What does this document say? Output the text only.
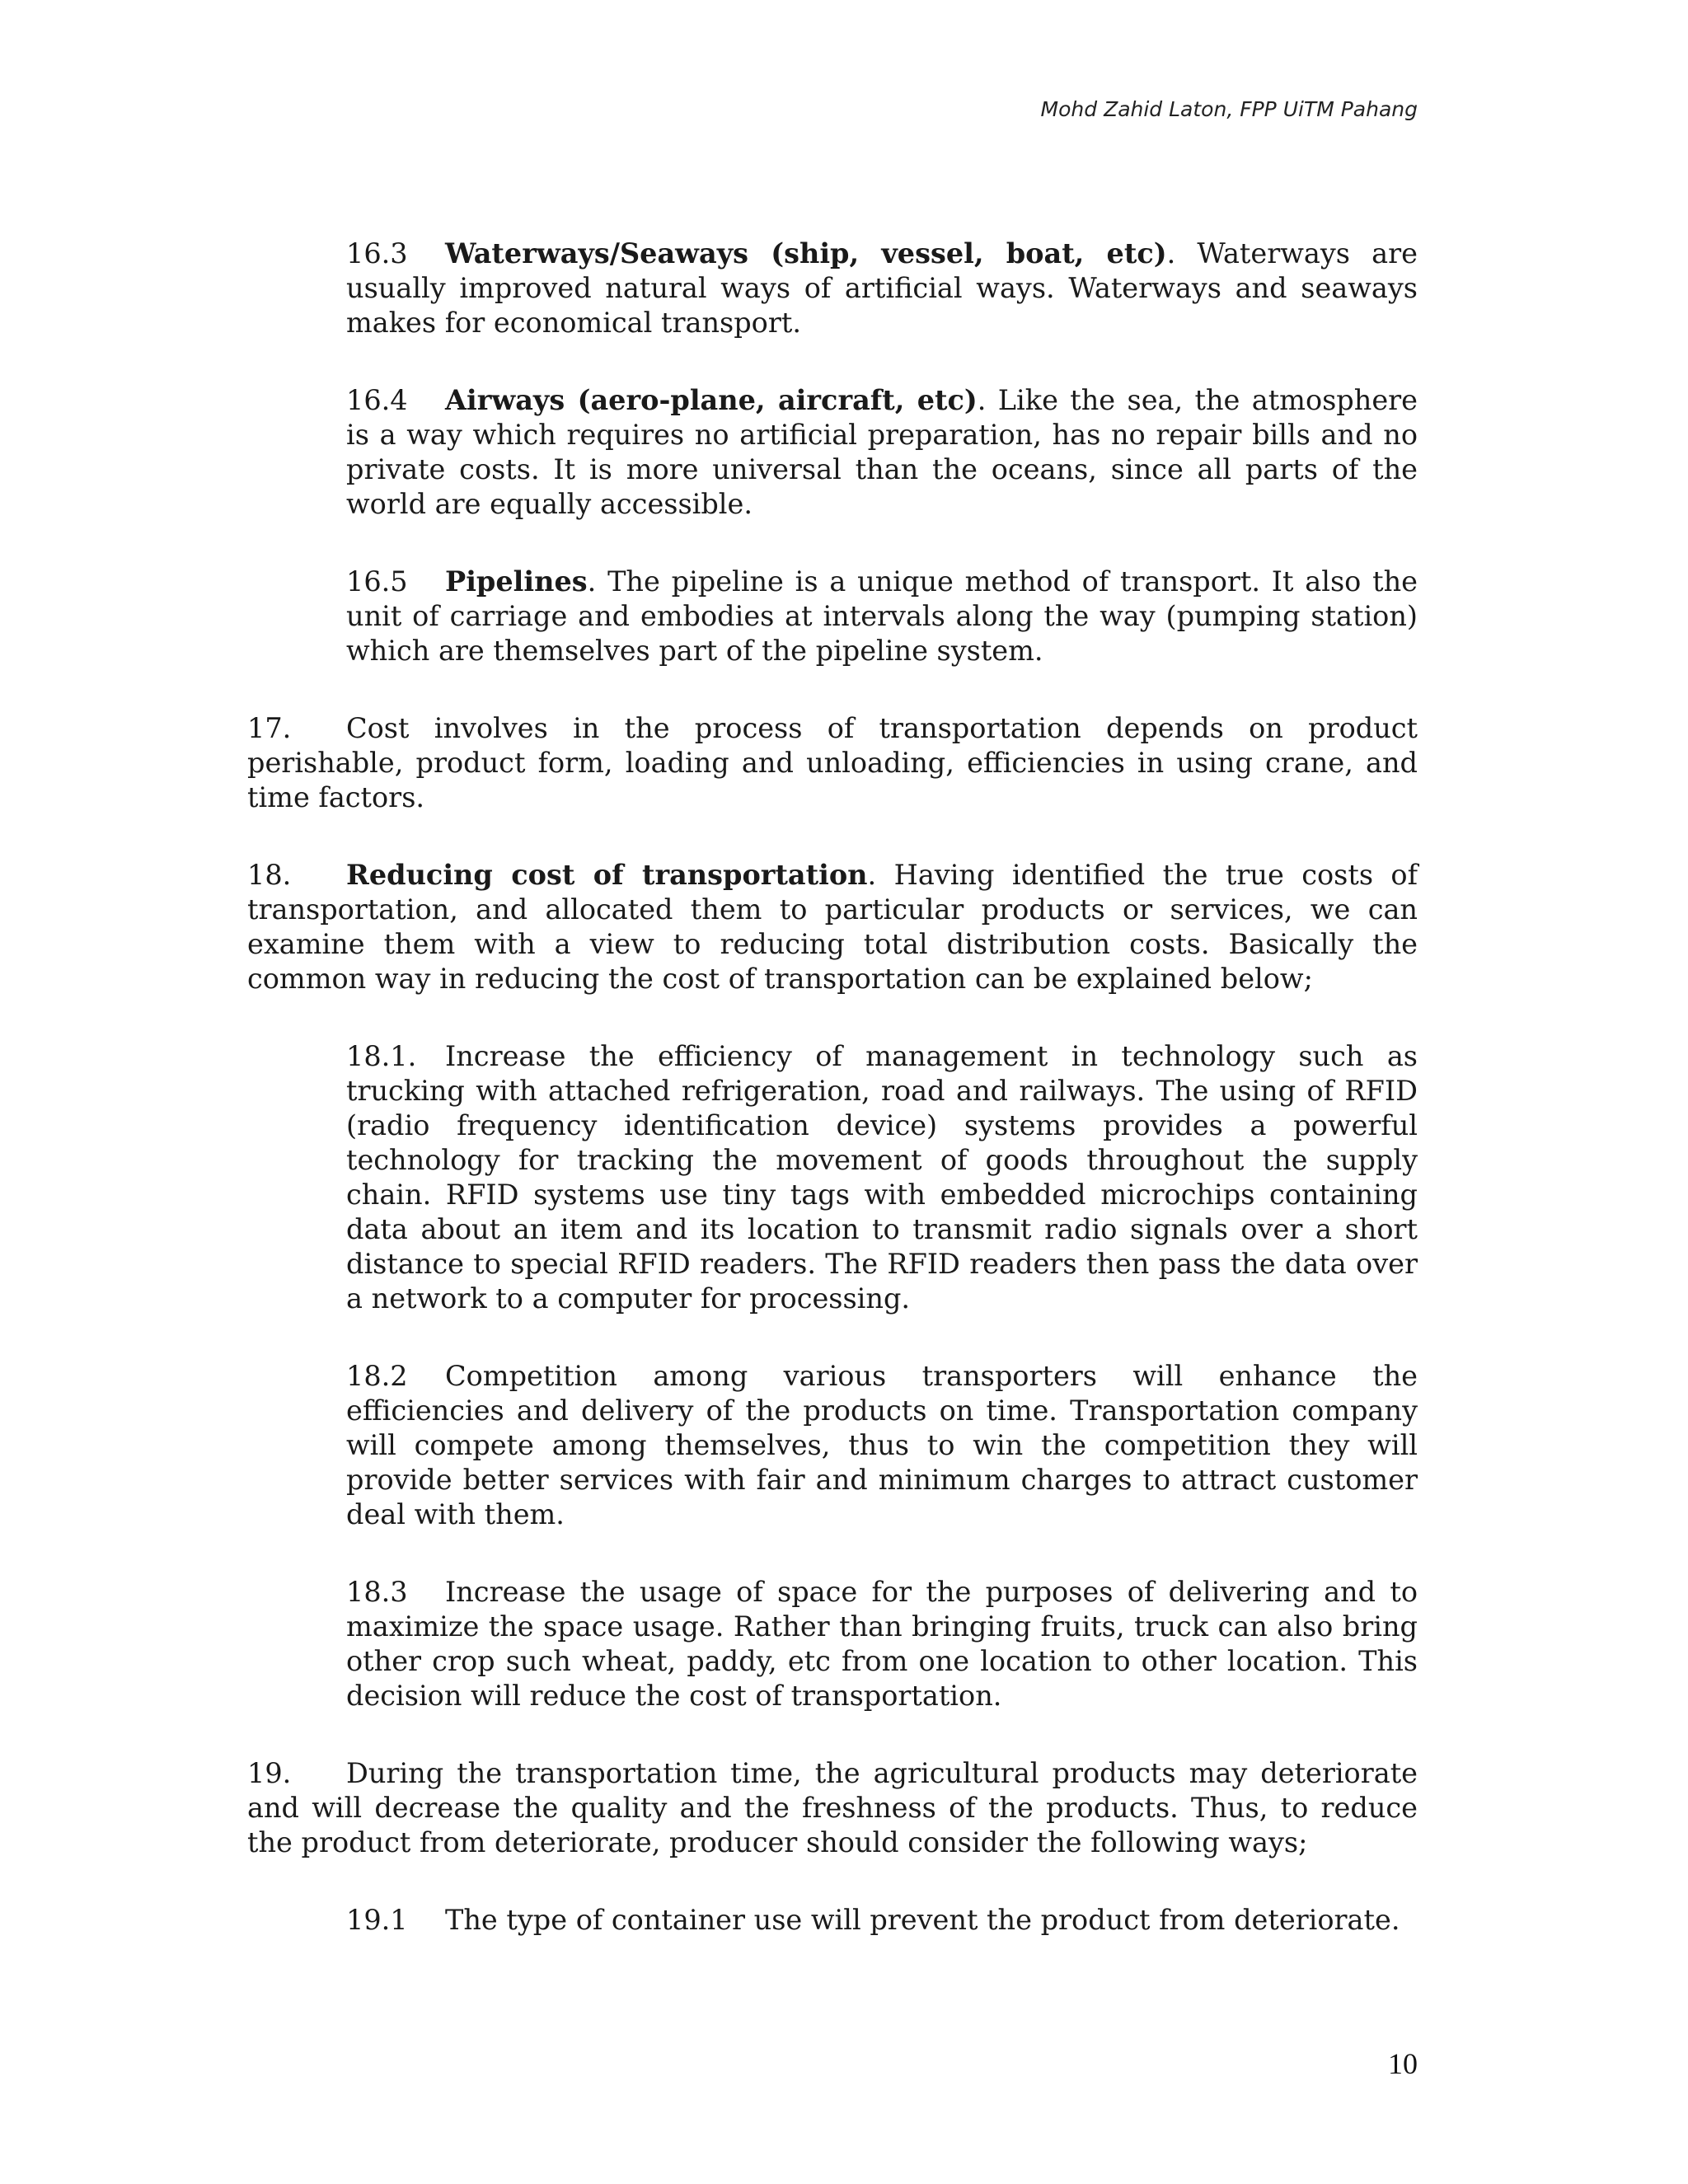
Mohd Zahid Laton, FPP UiTM Pahang

16.3 Waterways/Seaways (ship, vessel, boat, etc). Waterways are usually improved natural ways of artificial ways. Waterways and seaways makes for economical transport.

16.4 Airways (aero-plane, aircraft, etc). Like the sea, the atmosphere is a way which requires no artificial preparation, has no repair bills and no private costs. It is more universal than the oceans, since all parts of the world are equally accessible.

16.5 Pipelines. The pipeline is a unique method of transport. It also the unit of carriage and embodies at intervals along the way (pumping station) which are themselves part of the pipeline system.

17. Cost involves in the process of transportation depends on product perishable, product form, loading and unloading, efficiencies in using crane, and time factors.

18. Reducing cost of transportation. Having identified the true costs of transportation, and allocated them to particular products or services, we can examine them with a view to reducing total distribution costs. Basically the common way in reducing the cost of transportation can be explained below;

18.1. Increase the efficiency of management in technology such as trucking with attached refrigeration, road and railways. The using of RFID (radio frequency identification device) systems provides a powerful technology for tracking the movement of goods throughout the supply chain. RFID systems use tiny tags with embedded microchips containing data about an item and its location to transmit radio signals over a short distance to special RFID readers. The RFID readers then pass the data over a network to a computer for processing.

18.2 Competition among various transporters will enhance the efficiencies and delivery of the products on time. Transportation company will compete among themselves, thus to win the competition they will provide better services with fair and minimum charges to attract customer deal with them.

18.3 Increase the usage of space for the purposes of delivering and to maximize the space usage. Rather than bringing fruits, truck can also bring other crop such wheat, paddy, etc from one location to other location. This decision will reduce the cost of transportation.

19. During the transportation time, the agricultural products may deteriorate and will decrease the quality and the freshness of the products. Thus, to reduce the product from deteriorate, producer should consider the following ways;

19.1 The type of container use will prevent the product from deteriorate.

10
